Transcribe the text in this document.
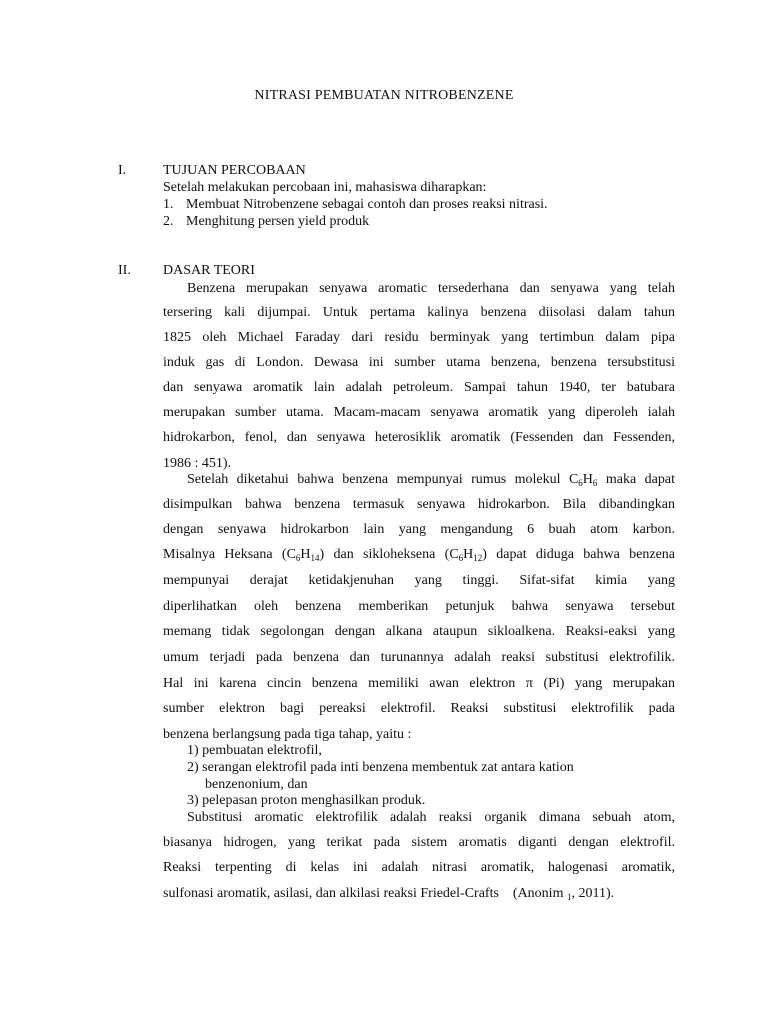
NITRASI PEMBUATAN NITROBENZENE
I.	TUJUAN PERCOBAAN
Setelah melakukan percobaan ini, mahasiswa diharapkan:
1. Membuat Nitrobenzene sebagai contoh dan proses reaksi nitrasi.
2. Menghitung persen yield produk
II. DASAR TEORI
Benzena merupakan senyawa aromatic tersederhana dan senyawa yang telah
tersering kali dijumpai. Untuk pertama kalinya benzena diisolasi dalam tahun
1825 oleh Michael Faraday dari residu berminyak yang tertimbun dalam pipa
induk gas di London. Dewasa ini sumber utama benzena, benzena tersubstitusi
dan senyawa aromatik lain adalah petroleum. Sampai tahun 1940, ter batubara
merupakan sumber utama. Macam-macam senyawa aromatik yang diperoleh ialah
hidrokarbon, fenol, dan senyawa heterosiklik aromatik (Fessenden dan Fessenden,
1986 : 451).
Setelah diketahui bahwa benzena mempunyai rumus molekul $C_6H_6$ maka dapat
disimpulkan bahwa benzena termasuk senyawa hidrokarbon. Bila dibandingkan
dengan senyawa hidrokarbon lain yang mengandung 6 buah atom karbon.
Misalnya Heksana $(C_6H_{14})$ dan sikloheksena $(C_6H_{12})$ dapat diduga bahwa benzena
mempunyai derajat ketidakjenuhan yang tinggi. Sifat-sifat kimia yang
diperlihatkan oleh benzena memberikan petunjuk bahwa senyawa tersebut
memang tidak segolongan dengan alkana ataupun sikloalkena. Reaksi-eaksi yang
umum terjadi pada benzena dan turunannya adalah reaksi substitusi elektrofilik.
Hal ini karena cincin benzena memiliki awan elektron π (Pi) yang merupakan
sumber elektron bagi pereaksi elektrofil. Reaksi substitusi elektrofilik pada
benzena berlangsung pada tiga tahap, yaitu :
1) pembuatan elektrofil,
2) serangan elektrofil pada inti benzena membentuk zat antara kation
benzenonium, dan
3) pelepasan proton menghasilkan produk.
Substitusi aromatic elektrofilik adalah reaksi organik dimana sebuah atom,
biasanya hidrogen, yang terikat pada sistem aromatis diganti dengan elektrofil.
Reaksi terpenting di kelas ini adalah nitrasi aromatik, halogenasi aromatik,
sulfonasi aromatik, asilasi, dan alkilasi reaksi Friedel-Crafts    (Anonim $_1$, 2011).
